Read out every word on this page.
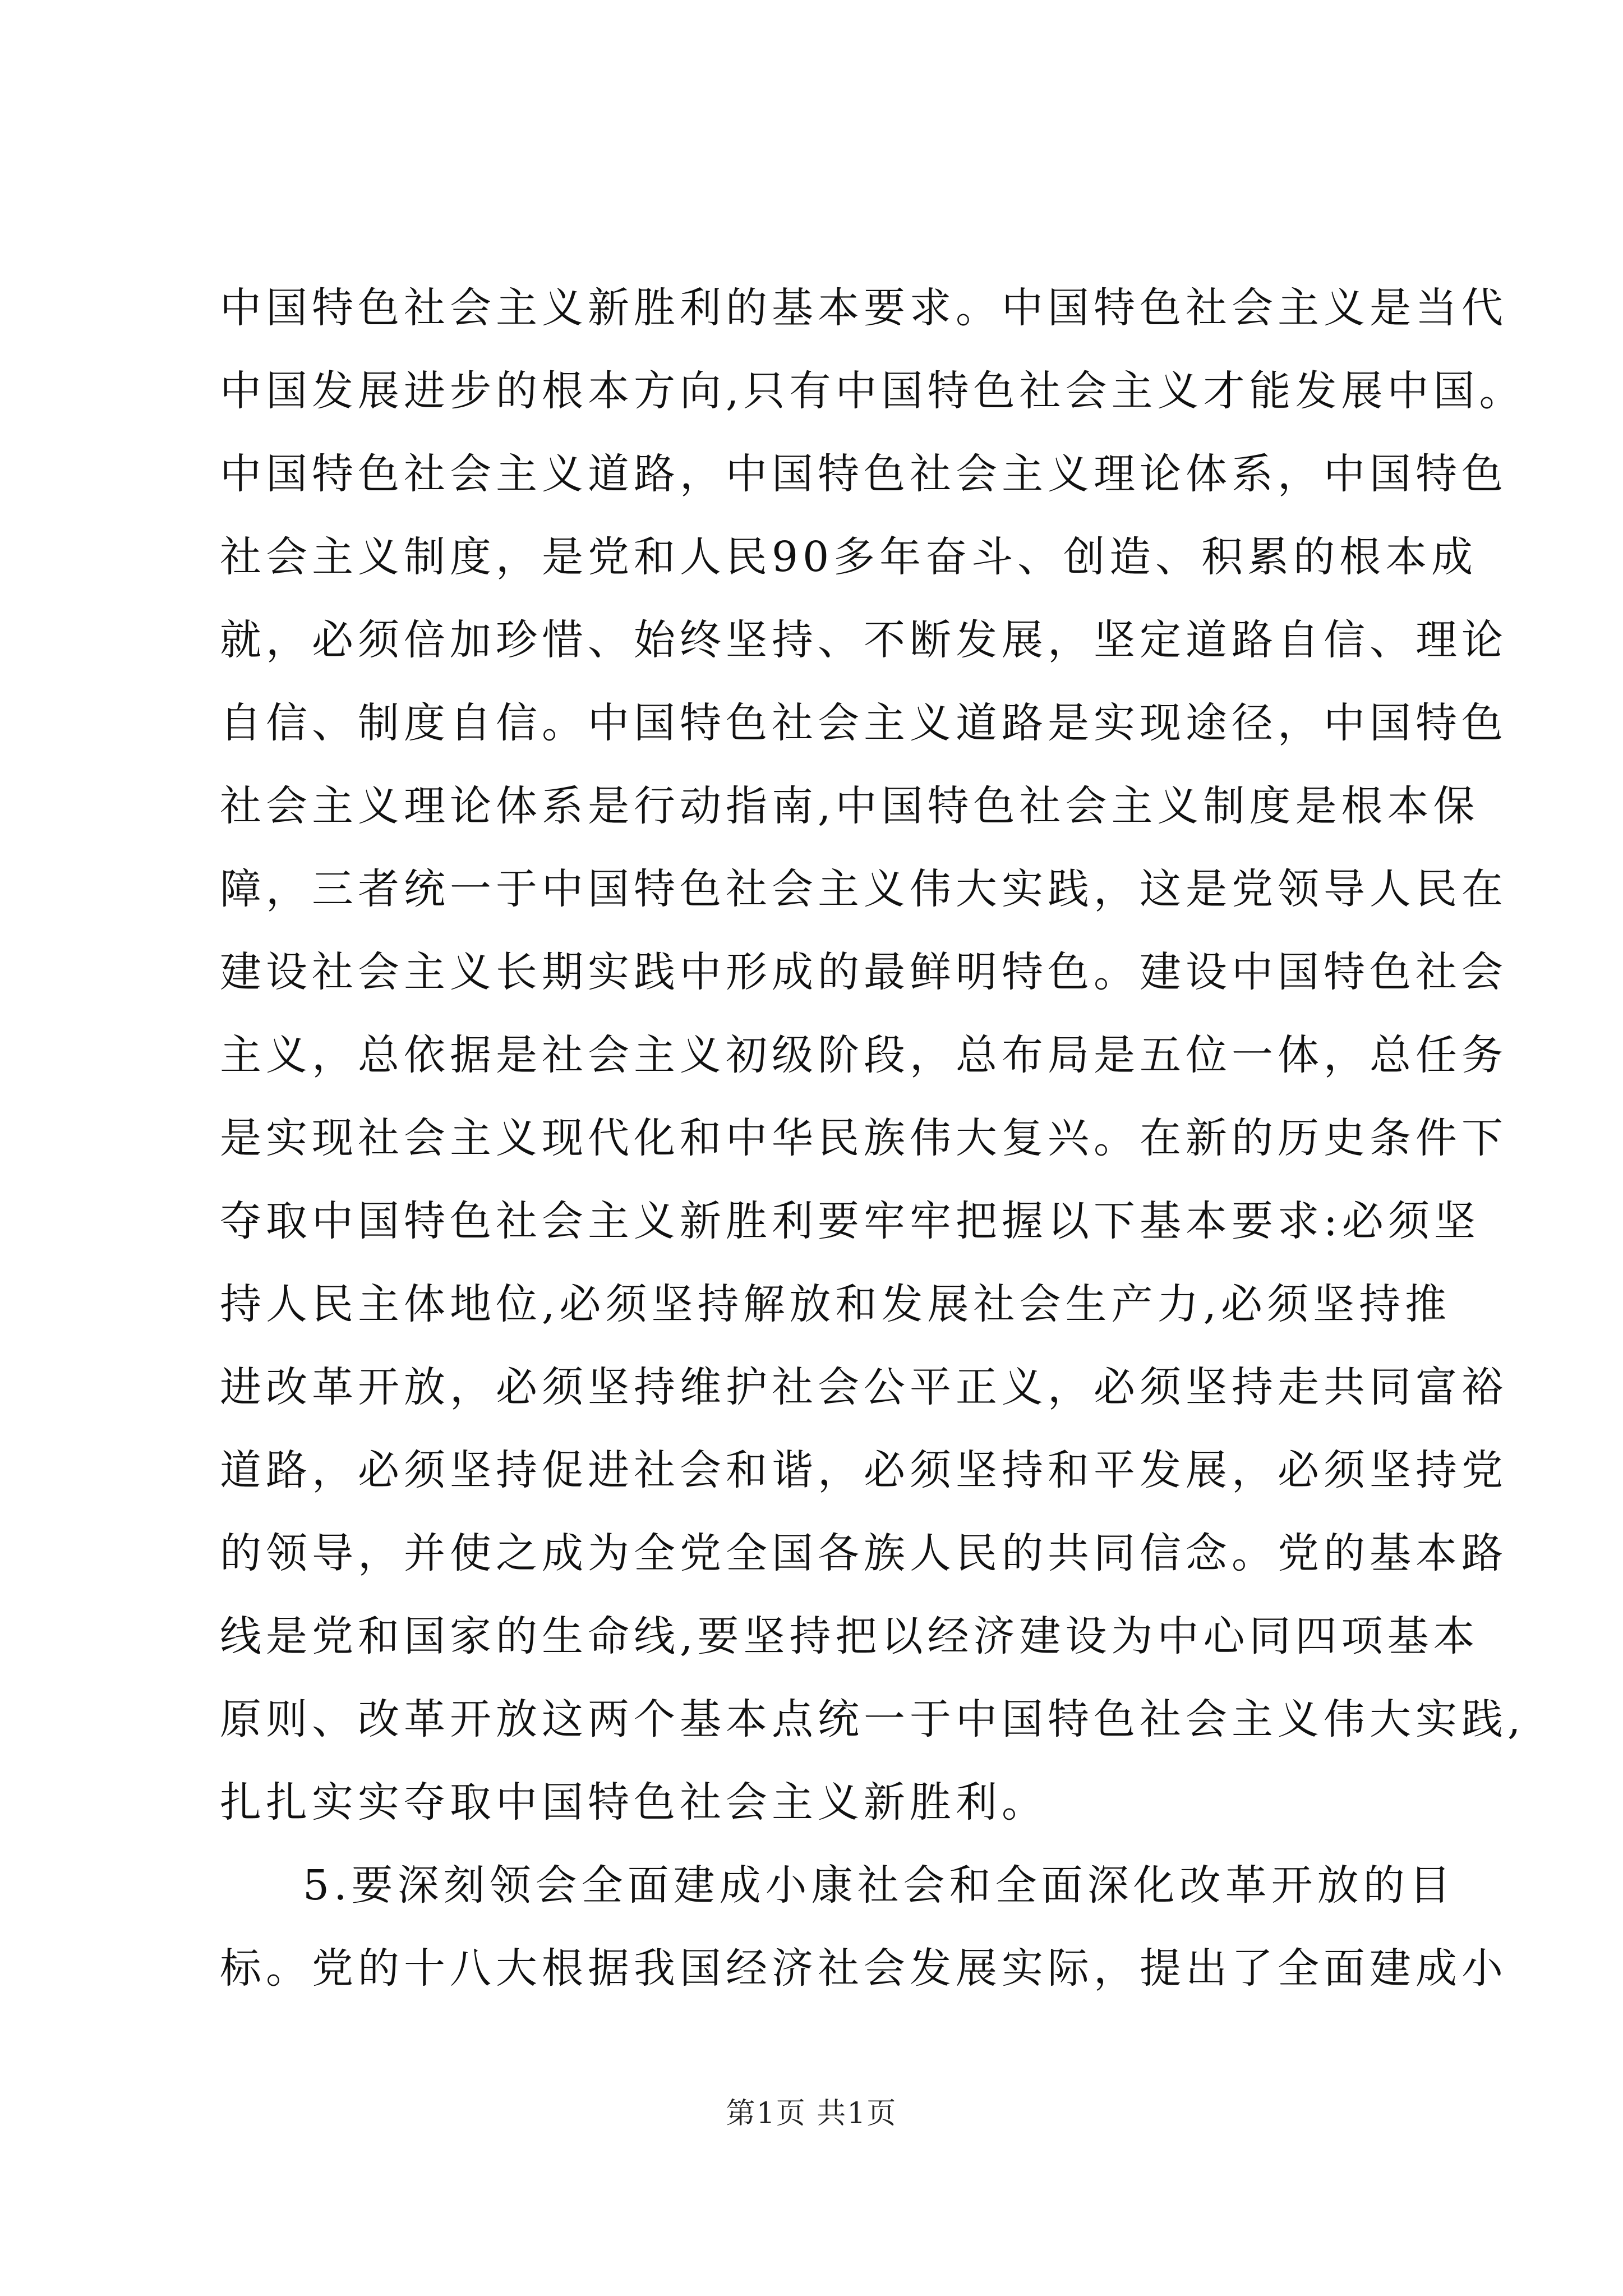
中国特色社会主义新胜利的基本要求。中国特色社会主义是当代
中国发展进步的根本方向,只有中国特色社会主义才能发展中国。
中国特色社会主义道路，中国特色社会主义理论体系，中国特色
社会主义制度，是党和人民90多年奋斗、创造、积累的根本成
就，必须倍加珍惜、始终坚持、不断发展，坚定道路自信、理论
自信、制度自信。中国特色社会主义道路是实现途径，中国特色
社会主义理论体系是行动指南,中国特色社会主义制度是根本保
障，三者统一于中国特色社会主义伟大实践，这是党领导人民在
建设社会主义长期实践中形成的最鲜明特色。建设中国特色社会
主义，总依据是社会主义初级阶段，总布局是五位一体，总任务
是实现社会主义现代化和中华民族伟大复兴。在新的历史条件下
夺取中国特色社会主义新胜利要牢牢把握以下基本要求:必须坚
持人民主体地位,必须坚持解放和发展社会生产力,必须坚持推
进改革开放，必须坚持维护社会公平正义，必须坚持走共同富裕
道路，必须坚持促进社会和谐，必须坚持和平发展，必须坚持党
的领导，并使之成为全党全国各族人民的共同信念。党的基本路
线是党和国家的生命线,要坚持把以经济建设为中心同四项基本
原则、改革开放这两个基本点统一于中国特色社会主义伟大实践,
扎扎实实夺取中国特色社会主义新胜利。
5.要深刻领会全面建成小康社会和全面深化改革开放的目
标。党的十八大根据我国经济社会发展实际，提出了全面建成小
第1页 共1页
